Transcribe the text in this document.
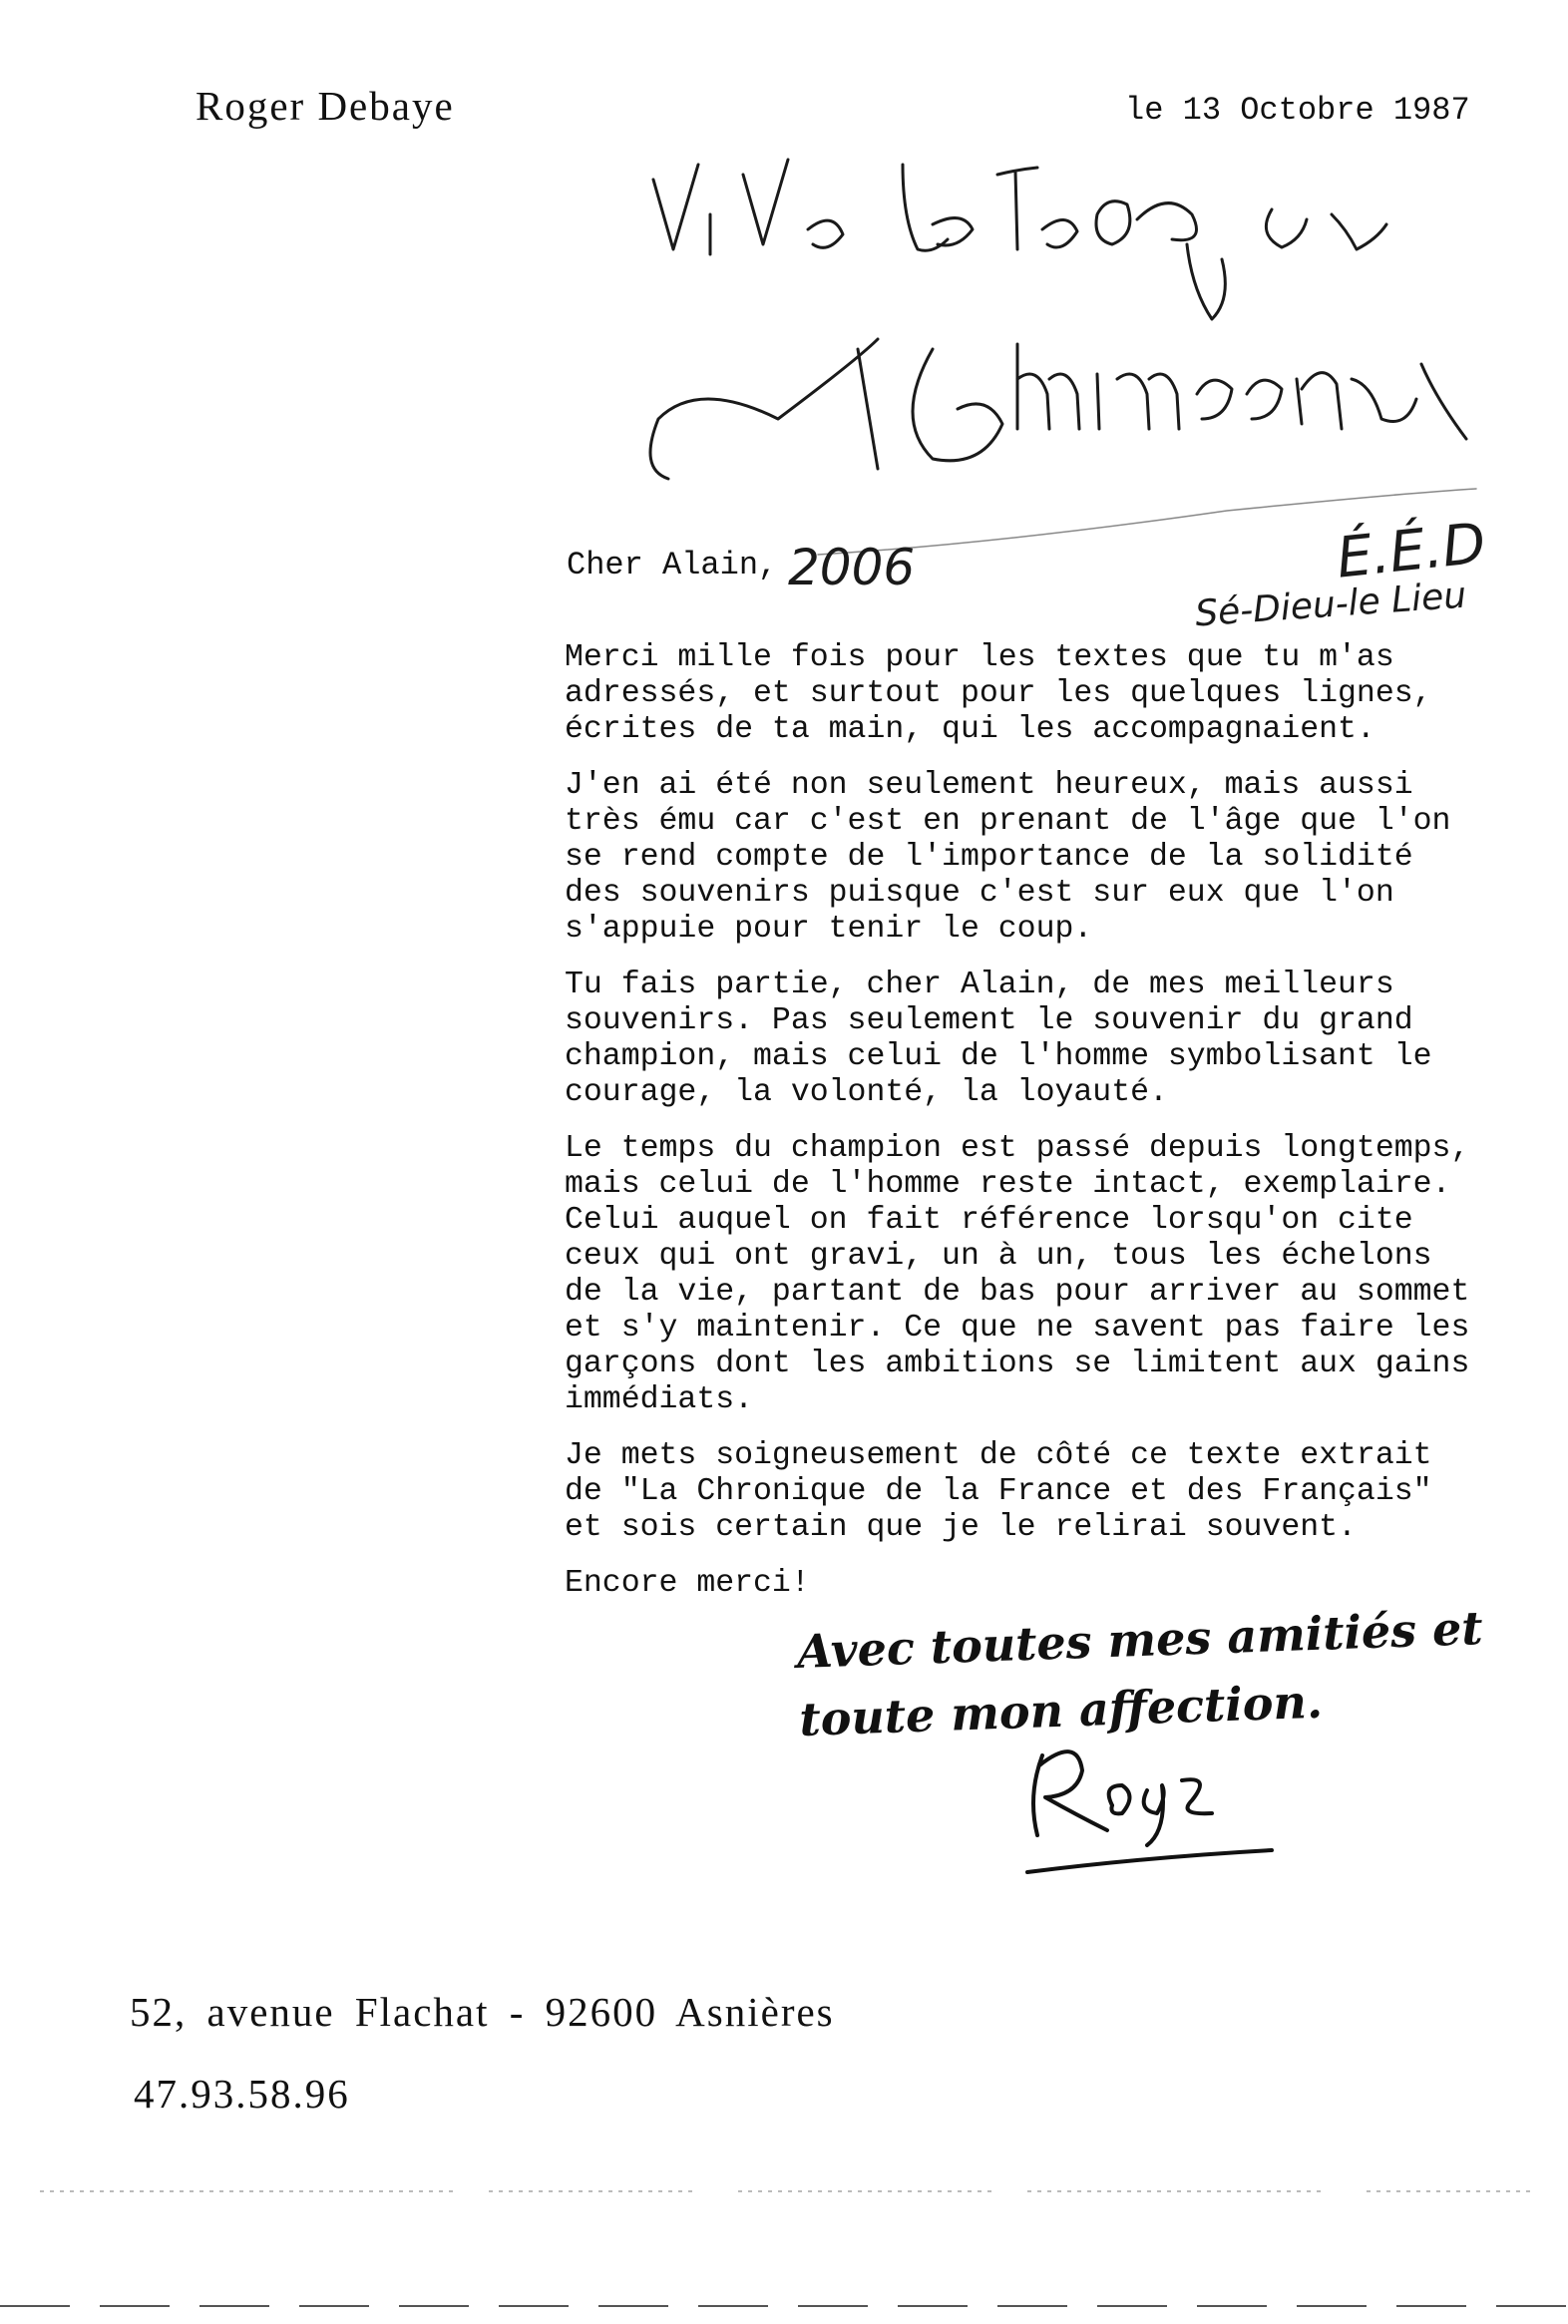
Roger Debaye	le 13 Octobre 1987
2006	É.É.D
Sé-Dieu-le Lieu
Cher Alain,

Merci mille fois pour les textes que tu m'as
adressés, et surtout pour les quelques lignes,
écrites de ta main, qui les accompagnaient.

J'en ai été non seulement heureux, mais aussi
très ému car c'est en prenant de l'âge que l'on
se rend compte de l'importance de la solidité
des souvenirs puisque c'est sur eux que l'on
s'appuie pour tenir le coup.

Tu fais partie, cher Alain, de mes meilleurs
souvenirs. Pas seulement le souvenir du grand
champion, mais celui de l'homme symbolisant le
courage, la volonté, la loyauté.

Le temps du champion est passé depuis longtemps,
mais celui de l'homme reste intact, exemplaire.
Celui auquel on fait référence lorsqu'on cite
ceux qui ont gravi, un à un, tous les échelons
de la vie, partant de bas pour arriver au sommet
et s'y maintenir. Ce que ne savent pas faire les
garçons dont les ambitions se limitent aux gains
immédiats.

Je mets soigneusement de côté ce texte extrait
de "La Chronique de la France et des Français"
et sois certain que je le relirai souvent.

Encore merci!

Avec toutes mes amitiés et
toute mon affection.
52, avenue Flachat - 92600 Asnières
47.93.58.96
